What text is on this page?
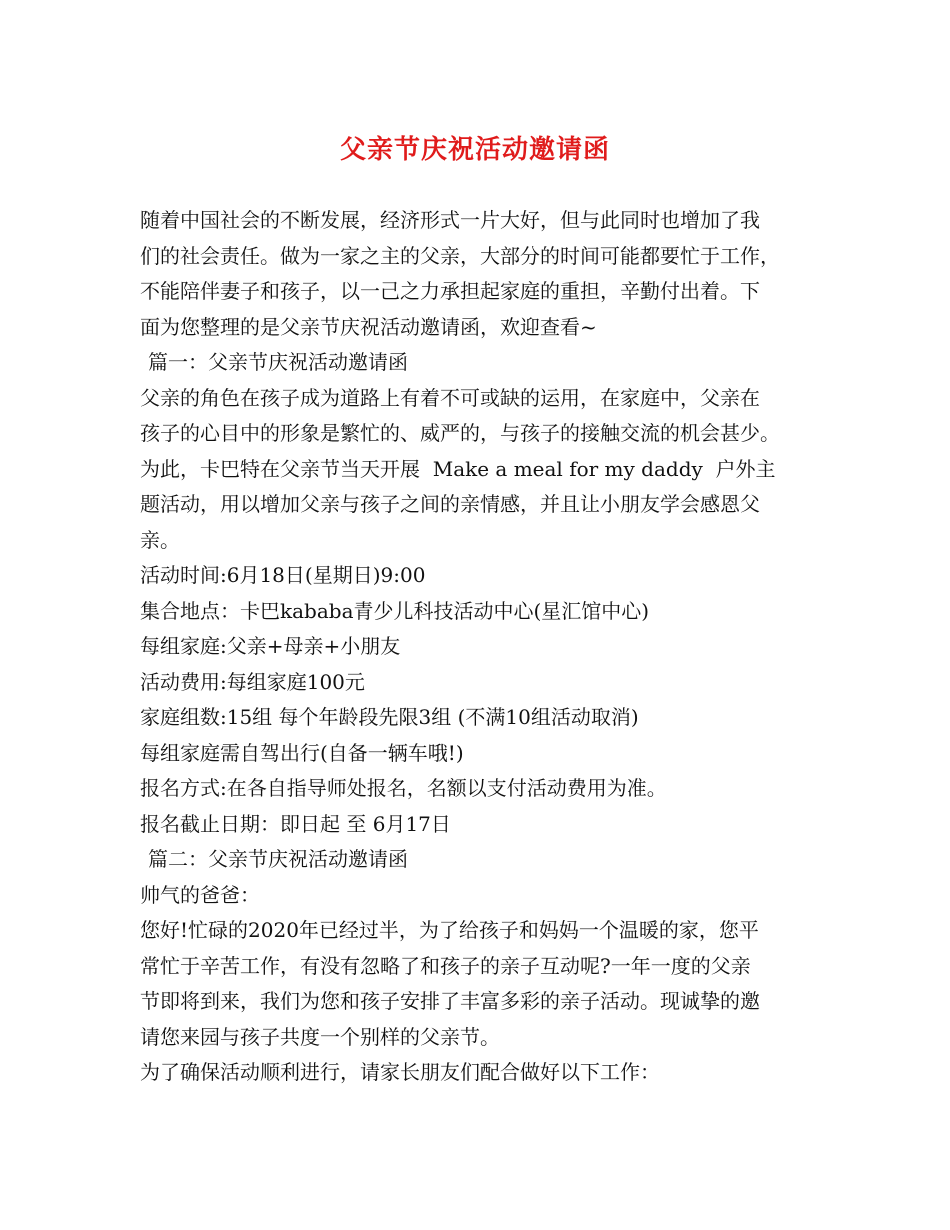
父亲节庆祝活动邀请函
随着中国社会的不断发展，经济形式一片大好，但与此同时也增加了我
们的社会责任。做为一家之主的父亲，大部分的时间可能都要忙于工作，
不能陪伴妻子和孩子，以一己之力承担起家庭的重担，辛勤付出着。下
面为您整理的是父亲节庆祝活动邀请函，欢迎查看~
篇一：父亲节庆祝活动邀请函
父亲的角色在孩子成为道路上有着不可或缺的运用，在家庭中，父亲在
孩子的心目中的形象是繁忙的、威严的，与孩子的接触交流的机会甚少。
为此，卡巴特在父亲节当天开展  Make a meal for my daddy  户外主
题活动，用以增加父亲与孩子之间的亲情感，并且让小朋友学会感恩父
亲。
活动时间:6月18日(星期日)9:00
集合地点：卡巴kababa青少儿科技活动中心(星汇馆中心)
每组家庭:父亲+母亲+小朋友
活动费用:每组家庭100元
家庭组数:15组 每个年龄段先限3组 (不满10组活动取消)
每组家庭需自驾出行(自备一辆车哦!)
报名方式:在各自指导师处报名，名额以支付活动费用为准。
报名截止日期：即日起 至 6月17日
篇二：父亲节庆祝活动邀请函
帅气的爸爸：
您好!忙碌的2020年已经过半，为了给孩子和妈妈一个温暖的家，您平
常忙于辛苦工作，有没有忽略了和孩子的亲子互动呢?一年一度的父亲
节即将到来，我们为您和孩子安排了丰富多彩的亲子活动。现诚挚的邀
请您来园与孩子共度一个别样的父亲节。
为了确保活动顺利进行，请家长朋友们配合做好以下工作：
